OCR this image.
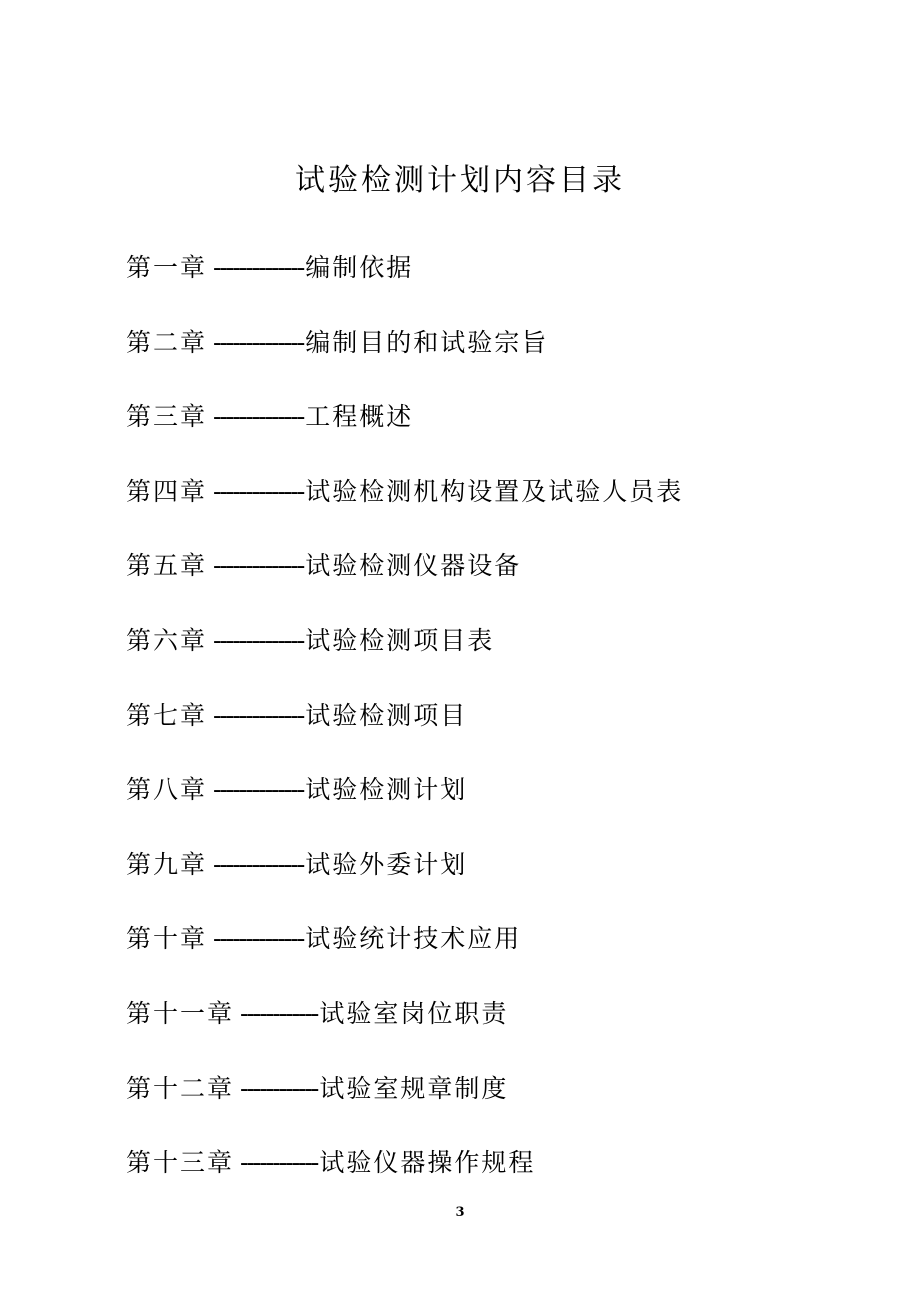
试验检测计划内容目录
第一章 --------------编制依据
第二章 --------------编制目的和试验宗旨
第三章 --------------工程概述
第四章 --------------试验检测机构设置及试验人员表
第五章 --------------试验检测仪器设备
第六章 --------------试验检测项目表
第七章 --------------试验检测项目
第八章 --------------试验检测计划
第九章 --------------试验外委计划
第十章 --------------试验统计技术应用
第十一章 ------------试验室岗位职责
第十二章 ------------试验室规章制度
第十三章 ------------试验仪器操作规程
3
